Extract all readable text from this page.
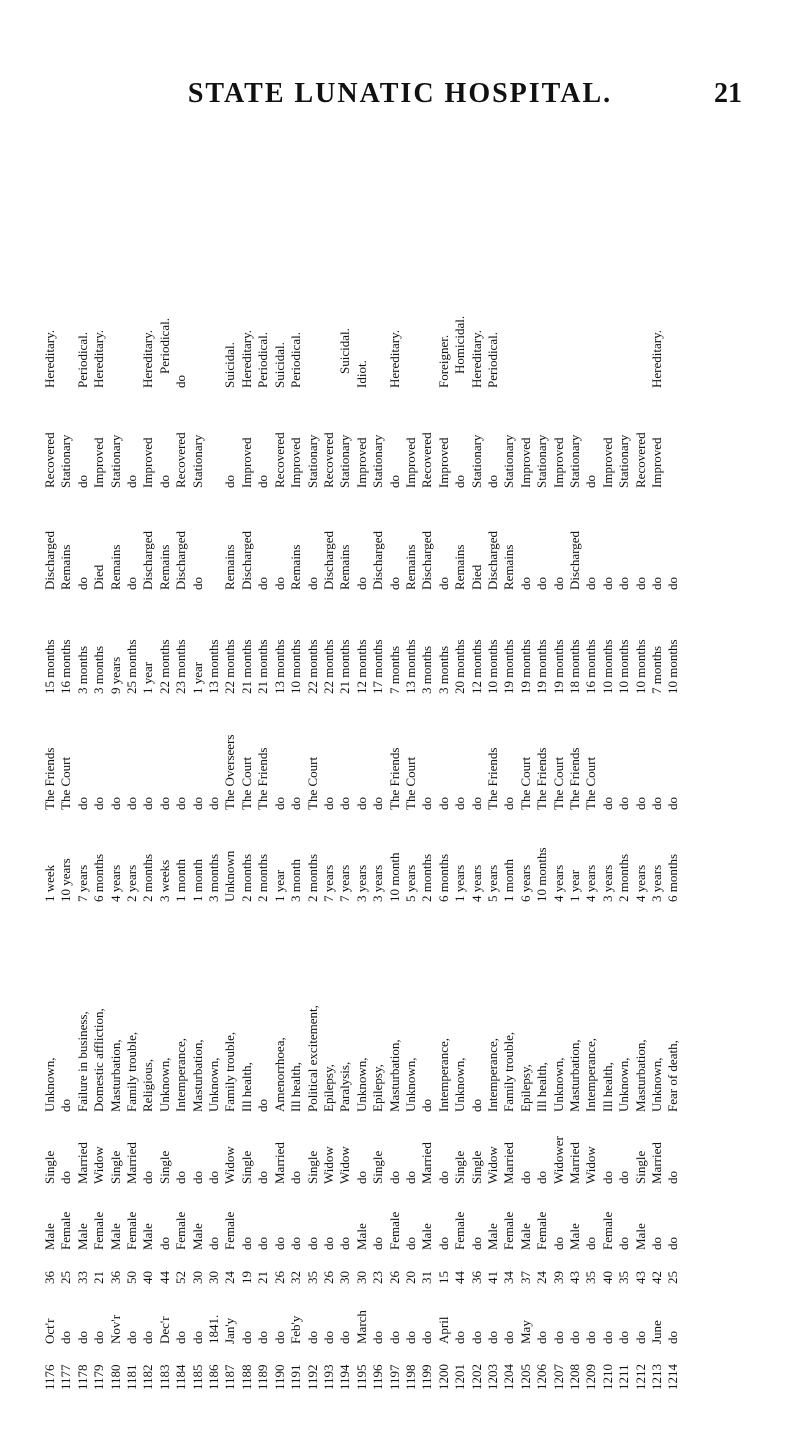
STATE LUNATIC HOSPITAL.	21
1176	Oct'r	36	Male	Single	Unknown,	1 week	The Friends	15 months	Discharged	Recovered	Hereditary.
1177	do	25	Female	do	do	10 years	The Court	16 months	Remains	Stationary	
1178	do	33	Male	Married	Failure in business,	7 years	do	3 months	do	do	Periodical.
1179	do	21	Female	Widow	Domestic affliction,	6 months	do	3 months	Died	Improved	Hereditary.
1180	Nov'r	36	Male	Single	Masturbation,	4 years	do	9 years	Remains	Stationary	
1181	do	50	Female	Married	Family trouble,	2 years	do	25 months	do	do	
1182	do	40	Male	do	Religious,	2 months	do	1 year	Discharged	Improved	Hereditary.
1183	Dec'r	44	do	Single	Unknown,	3 weeks	do	22 months	Remains	do	Periodical.
1184	do	52	Female	do	Intemperance,	1 month	do	23 months	Discharged	Recovered	do
1185	do	30	Male	do	Masturbation,	1 month	do	1 year	do	Stationary	
1186	1841.	30	do	do	Unknown,	3 months	do	13 months			

1187	Jan'y	24	Female	Widow	Family trouble,	Unknown	The Overseers	22 months	Remains	do	Suicidal.
1188	do	19	do	Single	Ill health,	2 months	The Court	21 months	Discharged	Improved	Hereditary.
1189	do	21	do	do	do	2 months	The Friends	21 months	do	do	Periodical.
1190	do	26	do	Married	Amenorrhoea,	1 year	do	13 months	do	Recovered	Suicidal.
1191	Feb'y	32	do	do	Ill health,	3 month	do	10 months	Remains	Improved	Periodical.
1192	do	35	do	Single	Political excitement,	2 months	The Court	22 months	do	Stationary	
1193	do	26	do	Widow	Epilepsy,	7 years	do	22 months	Discharged	Recovered	
1194	do	30	do	Widow	Paralysis,	7 years	do	21 months	Remains	Stationary	Suicidal.
1195	March	30	Male	do	Unknown,	3 years	do	12 months	do	Improved	Idiot.
1196	do	23	do	Single	Epilepsy,	3 years	do	17 months	Discharged	Stationary	
1197	do	26	Female	do	Masturbation,	10 month	The Friends	7 months	do	do	Hereditary.
1198	do	20	do	do	Unknown,	5 years	The Court	13 months	Remains	Improved	
1199	do	31	Male	Married	do	2 months	do	3 months	Discharged	Recovered	
1200	April	15	do	do	Intemperance,	6 months	do	3 months	do	Improved	Foreigner.
1201	do	44	Female	Single	Unknown,	1 years	do	20 months	Remains	do	Homicidal.
1202	do	36	do	Single	do	4 years	do	12 months	Died	Stationary	Hereditary.
1203	do	41	Male	Widow	Intemperance,	5 years	The Friends	10 months	Discharged	do	Periodical.
1204	do	34	Female	Married	Family trouble,	1 month	do	19 months	Remains	Stationary	
1205	May	37	Male	do	Epilepsy,	6 years	The Court	19 months	do	Improved	
1206	do	24	Female	do	Ill health,	10 months	The Friends	19 months	do	Stationary	
1207	do	39	do	Widower	Unknown,	4 years	The Court	19 months	do	Improved	
1208	do	43	Male	Married	Masturbation,	1 year	The Friends	18 months	Discharged	Stationary	
1209	do	35	do	Widow	Intemperance,	4 years	The Court	16 months	do	do	
1210	do	40	Female	do	Ill health,	3 years	do	10 months	do	Improved	
1211	do	35	do	do	Unknown,	2 months	do	10 months	do	Stationary	
1212	do	43	Male	Single	Masturbation,	4 years	do	10 months	do	Recovered	
1213	June	42	do	Married	Unknown,	3 years	do	7 months	do	Improved	Hereditary.
1214	do	25	do	do	Fear of death,	6 months	do	10 months	do		
